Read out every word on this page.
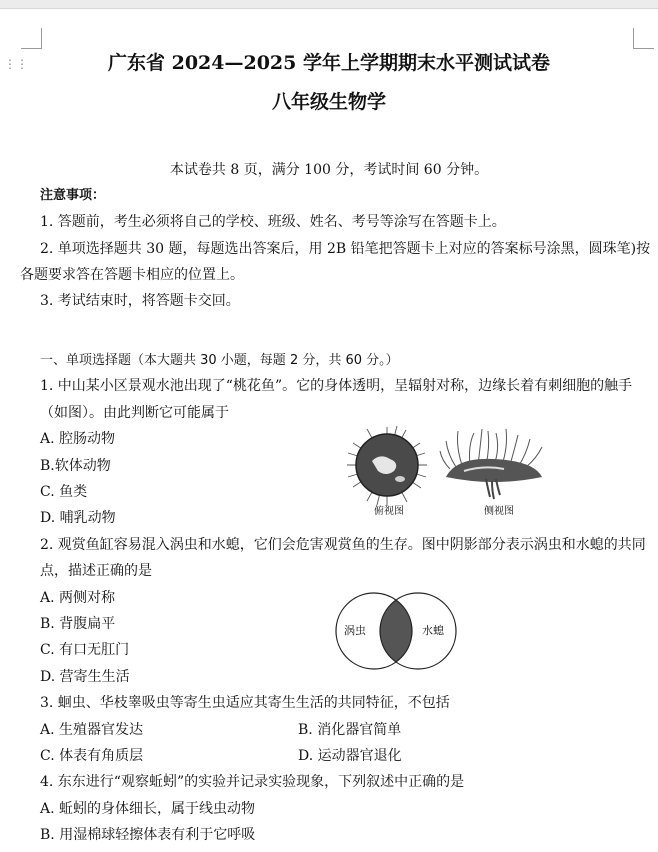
⋮⋮	广东省 2024—2025 学年上学期期末水平测试试卷
八年级生物学
本试卷共 8 页，满分 100 分，考试时间 60 分钟。
注意事项：
1. 答题前，考生必须将自己的学校、班级、姓名、考号等涂写在答题卡上。
2. 单项选择题共 30 题，每题选出答案后，用 2B 铅笔把答题卡上对应的答案标号涂黑，圆珠笔)按
各题要求答在答题卡相应的位置上。
3. 考试结束时，将答题卡交回。
一、单项选择题（本大题共 30 小题，每题 2 分，共 60 分。）
1. 中山某小区景观水池出现了“桃花鱼”。它的身体透明，呈辐射对称，边缘长着有刺细胞的触手
（如图）。由此判断它可能属于
A. 腔肠动物
B.软体动物
C. 鱼类
D. 哺乳动物	俯视图	侧视图
2. 观赏鱼缸容易混入涡虫和水螅，它们会危害观赏鱼的生存。图中阴影部分表示涡虫和水螅的共同
点，描述正确的是
A. 两侧对称
B. 背腹扁平
C. 有口无肛门
D. 营寄生生活
涡虫	水螅
3. 蛔虫、华枝睾吸虫等寄生虫适应其寄生生活的共同特征，不包括
A. 生殖器官发达	B. 消化器官简单
C. 体表有角质层	D. 运动器官退化
4. 东东进行“观察蚯蚓”的实验并记录实验现象，下列叙述中正确的是
A. 蚯蚓的身体细长，属于线虫动物
B. 用湿棉球轻擦体表有利于它呼吸
